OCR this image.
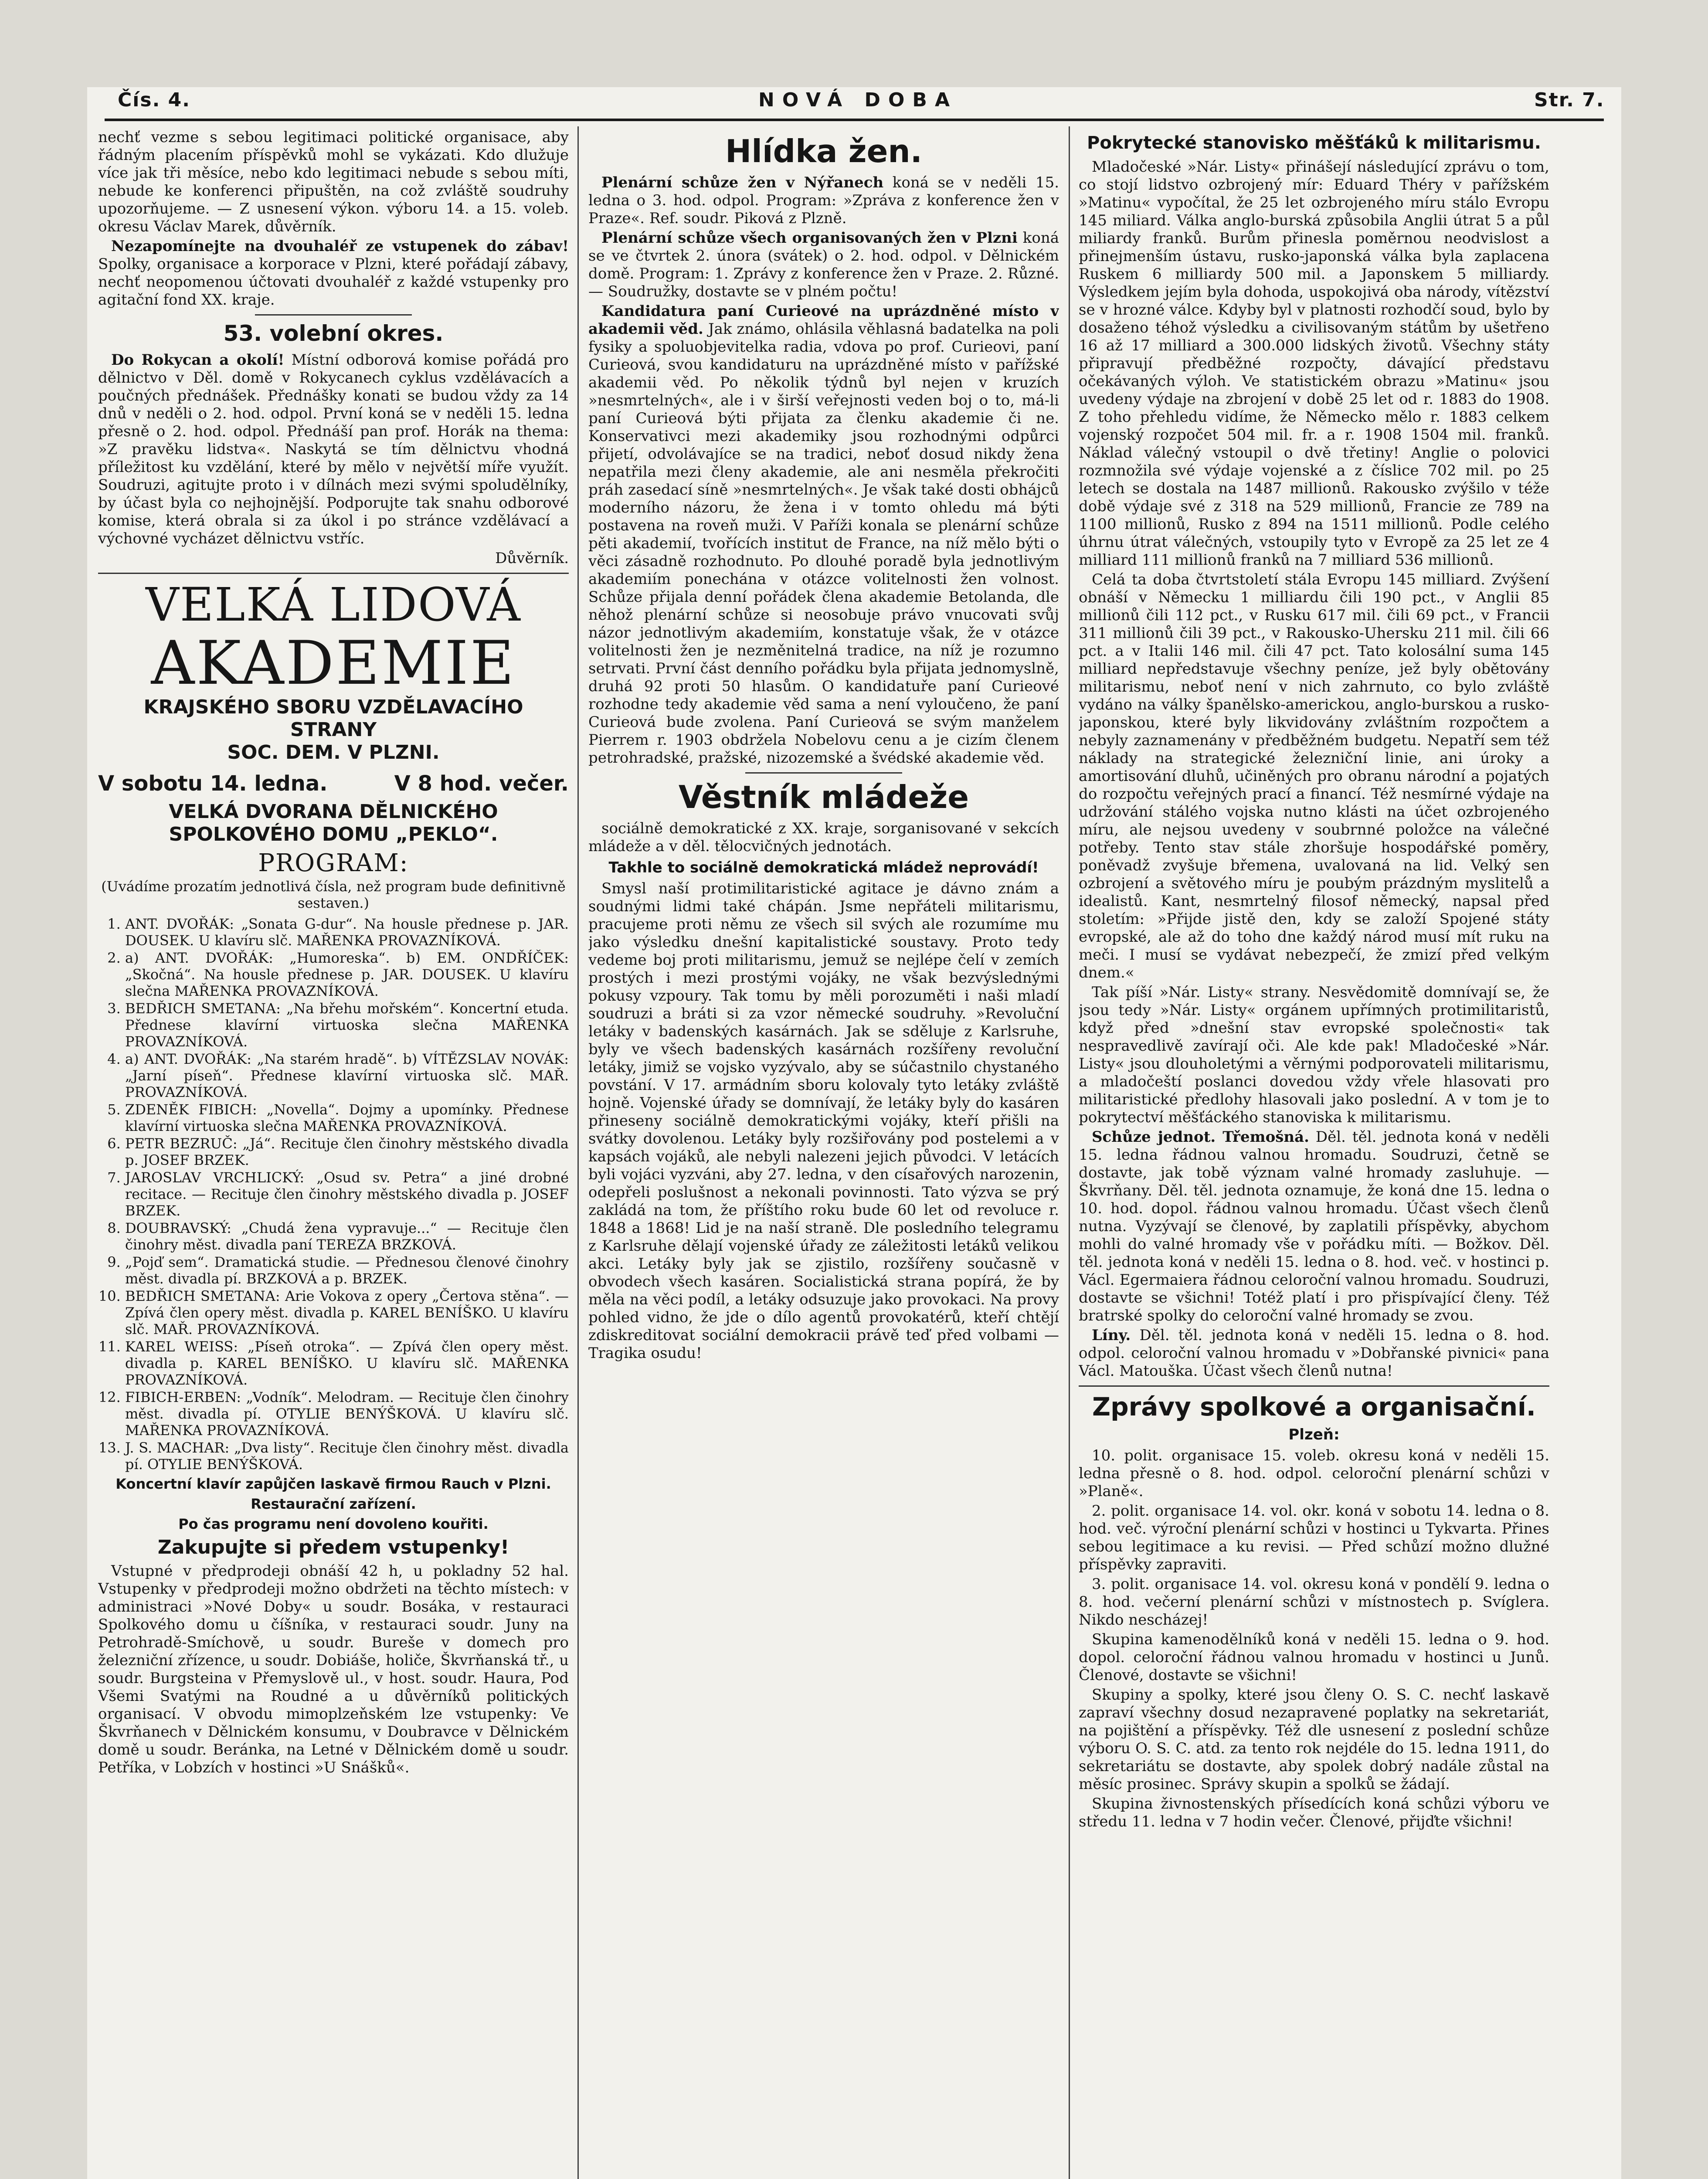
Čís. 4.	NOVÁ DOBA	Str. 7.

nechť vezme s sebou legitimaci politické organisace, aby řádným placením příspěvků mohl se vykázati. Kdo dlužuje více jak tři měsíce, nebo kdo legitimaci nebude s sebou míti, nebude ke konferenci připuštěn, na což zvláště soudruhy upozorňujeme. — Z usnesení výkon. výboru 14. a 15. voleb. okresu Václav Marek, důvěrník.

Nezapomínejte na dvouhaléř ze vstupenek do zábav! Spolky, organisace a korporace v Plzni, které pořádají zábavy, nechť neopomenou účtovati dvouhaléř z každé vstupenky pro agitační fond XX. kraje.

53. volební okres.

Do Rokycan a okolí! Místní odborová komise pořádá pro dělnictvo v Děl. domě v Rokycanech cyklus vzdělávacích a poučných přednášek. Přednášky konati se budou vždy za 14 dnů v neděli o 2. hod. odpol. První koná se v neděli 15. ledna přesně o 2. hod. odpol. Přednáší pan prof. Horák na thema: »Z pravěku lidstva«. Naskytá se tím dělnictvu vhodná příležitost ku vzdělání, které by mělo v největší míře využít. Soudruzi, agitujte proto i v dílnách mezi svými spoludělníky, by účast byla co nejhojnější. Podporujte tak snahu odborové komise, která obrala si za úkol i po stránce vzdělávací a výchovné vycházet dělnictvu vstříc.

Důvěrník.

VELKÁ LIDOVÁ
AKADEMIE
KRAJSKÉHO SBORU VZDĚLAVACÍHO STRANY
SOC. DEM. V PLZNI.
V sobotu 14. ledna.	V 8 hod. večer.
VELKÁ DVORANA DĚLNICKÉHO
SPOLKOVÉHO DOMU „PEKLO“.
PROGRAM:
(Uvádíme prozatím jednotlivá čísla, než program bude definitivně sestaven.)
1. ANT. DVOŘÁK: „Sonata G-dur“. Na housle přednese p. JAR. DOUSEK. U klavíru slč. MAŘENKA PROVAZNÍKOVÁ.
2. a) ANT. DVOŘÁK: „Humoreska“. b) EM. ONDŘÍČEK: „Skočná“. Na housle přednese p. JAR. DOUSEK. U klavíru slečna MAŘENKA PROVAZNÍKOVÁ.
3. BEDŘICH SMETANA: „Na břehu mořském“. Koncertní etuda. Přednese klavírní virtuoska slečna MAŘENKA PROVAZNÍKOVÁ.
4. a) ANT. DVOŘÁK: „Na starém hradě“. b) VÍTĚZSLAV NOVÁK: „Jarní píseň“. Přednese klavírní virtuoska slč. MAŘ. PROVAZNÍKOVÁ.
5. ZDENĚK FIBICH: „Novella“. Dojmy a upomínky. Přednese klavírní virtuoska slečna MAŘENKA PROVAZNÍKOVÁ.
6. PETR BEZRUČ: „Já“. Recituje člen činohry městského divadla p. JOSEF BRZEK.
7. JAROSLAV VRCHLICKÝ: „Osud sv. Petra“ a jiné drobné recitace. — Recituje člen činohry městského divadla p. JOSEF BRZEK.
8. DOUBRAVSKÝ: „Chudá žena vypravuje...“ — Recituje člen činohry měst. divadla paní TEREZA BRZKOVÁ.
9. „Pojď sem“. Dramatická studie. — Přednesou členové činohry měst. divadla pí. BRZKOVÁ a p. BRZEK.
10. BEDŘICH SMETANA: Arie Vokova z opery „Čertova stěna“. — Zpívá člen opery měst. divadla p. KAREL BENÍŠKO. U klavíru slč. MAŘ. PROVAZNÍKOVÁ.
11. KAREL WEISS: „Píseň otroka“. — Zpívá člen opery měst. divadla p. KAREL BENÍŠKO. U klavíru slč. MAŘENKA PROVAZNÍKOVÁ.
12. FIBICH-ERBEN: „Vodník“. Melodram. — Recituje člen činohry měst. divadla pí. OTYLIE BENÝŠKOVÁ. U klavíru slč. MAŘENKA PROVAZNÍKOVÁ.
13. J. S. MACHAR: „Dva listy“. Recituje člen činohry měst. divadla pí. OTYLIE BENÝŠKOVÁ.
Koncertní klavír zapůjčen laskavě firmou Rauch v Plzni.
Restaurační zařízení.
Po čas programu není dovoleno kouřiti.
Zakupujte si předem vstupenky!

Vstupné v předprodeji obnáší 42 h, u pokladny 52 hal. Vstupenky v předprodeji možno obdržeti na těchto místech: v administraci »Nové Doby« u soudr. Bosáka, v restauraci Spolkového domu u číšníka, v restauraci soudr. Juny na Petrohradě-Smíchově, u soudr. Bureše v domech pro železniční zřízence, u soudr. Dobiáše, holiče, Škvrňanská tř., u soudr. Burgsteina v Přemyslově ul., v host. soudr. Haura, Pod Všemi Svatými na Roudné a u důvěrníků politických organisací. V obvodu mimoplzeňském lze vstupenky: Ve Škvrňanech v Dělnickém konsumu, v Doubravce v Dělnickém domě u soudr. Beránka, na Letné v Dělnickém domě u soudr. Petříka, v Lobzích v hostinci »U Snášků«.

Hlídka žen.

Plenární schůze žen v Nýřanech koná se v neděli 15. ledna o 3. hod. odpol. Program: »Zpráva z konference žen v Praze«. Ref. soudr. Piková z Plzně.

Plenární schůze všech organisovaných žen v Plzni koná se ve čtvrtek 2. února (svátek) o 2. hod. odpol. v Dělnickém domě. Program: 1. Zprávy z konference žen v Praze. 2. Různé. — Soudružky, dostavte se v plném počtu!

Kandidatura paní Curieové na uprázdněné místo v akademii věd. Jak známo, ohlásila věhlasná badatelka na poli fysiky a spoluobjevitelka radia, vdova po prof. Curieovi, paní Curieová, svou kandidaturu na uprázdněné místo v pařížské akademii věd. Po několik týdnů byl nejen v kruzích »nesmrtelných«, ale i v širší veřejnosti veden boj o to, má-li paní Curieová býti přijata za členku akademie či ne. Konservativci mezi akademiky jsou rozhodnými odpůrci přijetí, odvolávajíce se na tradici, neboť dosud nikdy žena nepatřila mezi členy akademie, ale ani nesměla překročiti práh zasedací síně »nesmrtelných«. Je však také dosti obhájců moderního názoru, že žena i v tomto ohledu má býti postavena na roveň muži. V Paříži konala se plenární schůze pěti akademií, tvořících institut de France, na níž mělo býti o věci zásadně rozhodnuto. Po dlouhé poradě byla jednotlivým akademiím ponechána v otázce volitelnosti žen volnost. Schůze přijala denní pořádek člena akademie Betolanda, dle něhož plenární schůze si neosobuje právo vnucovati svůj názor jednotlivým akademiím, konstatuje však, že v otázce volitelnosti žen je nezměnitelná tradice, na níž je rozumno setrvati. První část denního pořádku byla přijata jednomyslně, druhá 92 proti 50 hlasům. O kandidatuře paní Curieové rozhodne tedy akademie věd sama a není vyloučeno, že paní Curieová bude zvolena. Paní Curieová se svým manželem Pierrem r. 1903 obdržela Nobelovu cenu a je cizím členem petrohradské, pražské, nizozemské a švédské akademie věd.

Věstník mládeže

sociálně demokratické z XX. kraje, sorganisované v sekcích mládeže a v děl. tělocvičných jednotách.

Takhle to sociálně demokratická mládež neprovádí!

Smysl naší protimilitaristické agitace je dávno znám a soudnými lidmi také chápán. Jsme nepřáteli militarismu, pracujeme proti němu ze všech sil svých ale rozumíme mu jako výsledku dnešní kapitalistické soustavy. Proto tedy vedeme boj proti militarismu, jemuž se nejlépe čelí v zemích prostých i mezi prostými vojáky, ne však bezvýslednými pokusy vzpoury. Tak tomu by měli porozuměti i naši mladí soudruzi a bráti si za vzor německé soudruhy. »Revoluční letáky v badenských kasárnách. Jak se sděluje z Karlsruhe, byly ve všech badenských kasárnách rozšířeny revoluční letáky, jimiž se vojsko vyzývalo, aby se súčastnilo chystaného povstání. V 17. armádním sboru kolovaly tyto letáky zvláště hojně. Vojenské úřady se domnívají, že letáky byly do kasáren přineseny sociálně demokratickými vojáky, kteří přišli na svátky dovolenou. Letáky byly rozšiřovány pod postelemi a v kapsách vojáků, ale nebyli nalezeni jejich původci. V letácích byli vojáci vyzváni, aby 27. ledna, v den císařových narozenin, odepřeli poslušnost a nekonali povinnosti. Tato výzva se prý zakládá na tom, že příštího roku bude 60 let od revoluce r. 1848 a 1868! Lid je na naší straně. Dle posledního telegramu z Karlsruhe dělají vojenské úřady ze záležitosti letáků velikou akci. Letáky byly jak se zjistilo, rozšířeny současně v obvodech všech kasáren. Socialistická strana popírá, že by měla na věci podíl, a letáky odsuzuje jako provokaci. Na provy pohled vidno, že jde o dílo agentů provokatérů, kteří chtějí zdiskreditovat sociální demokracii právě teď před volbami — Tragika osudu!

Pokrytecké stanovisko měšťáků k militarismu.

Mladočeské »Nár. Listy« přinášejí následující zprávu o tom, co stojí lidstvo ozbrojený mír: Eduard Théry v pařížském »Matinu« vypočítal, že 25 let ozbrojeného míru stálo Evropu 145 miliard. Válka anglo-burská způsobila Anglii útrat 5 a půl miliardy franků. Burům přinesla poměrnou neodvislost a přinejmenším ústavu, rusko-japonská válka byla zaplacena Ruskem 6 milliardy 500 mil. a Japonskem 5 milliardy. Výsledkem jejím byla dohoda, uspokojivá oba národy, vítězství se v hrozné válce. Kdyby byl v platnosti rozhodčí soud, bylo by dosaženo téhož výsledku a civilisovaným státům by ušetřeno 16 až 17 milliard a 300.000 lidských životů. Všechny státy připravují předběžné rozpočty, dávající představu očekávaných výloh. Ve statistickém obrazu »Matinu« jsou uvedeny výdaje na zbrojení v době 25 let od r. 1883 do 1908. Z toho přehledu vidíme, že Německo mělo r. 1883 celkem vojenský rozpočet 504 mil. fr. a r. 1908 1504 mil. franků. Náklad válečný vstoupil o dvě třetiny! Anglie o polovici rozmnožila své výdaje vojenské a z číslice 702 mil. po 25 letech se dostala na 1487 millionů. Rakousko zvýšilo v téže době výdaje své z 318 na 529 millionů, Francie ze 789 na 1100 millionů, Rusko z 894 na 1511 millionů. Podle celého úhrnu útrat válečných, vstoupily tyto v Evropě za 25 let ze 4 milliard 111 millionů franků na 7 milliard 536 millionů.

Celá ta doba čtvrtstoletí stála Evropu 145 milliard. Zvýšení obnáší v Německu 1 milliardu čili 190 pct., v Anglii 85 millionů čili 112 pct., v Rusku 617 mil. čili 69 pct., v Francii 311 millionů čili 39 pct., v Rakousko-Uhersku 211 mil. čili 66 pct. a v Italii 146 mil. čili 47 pct. Tato kolosální suma 145 milliard nepředstavuje všechny peníze, jež byly obětovány militarismu, neboť není v nich zahrnuto, co bylo zvláště vydáno na války španělsko-americkou, anglo-burskou a rusko-japonskou, které byly likvidovány zvláštním rozpočtem a nebyly zaznamenány v předběžném budgetu. Nepatří sem též náklady na strategické železniční linie, ani úroky a amortisování dluhů, učiněných pro obranu národní a pojatých do rozpočtu veřejných prací a financí. Též nesmírné výdaje na udržování stálého vojska nutno klásti na účet ozbrojeného míru, ale nejsou uvedeny v soubrnné položce na válečné potřeby. Tento stav stále zhoršuje hospodářské poměry, poněvadž zvyšuje břemena, uvalovaná na lid. Velký sen ozbrojení a světového míru je poubým prázdným myslitelů a idealistů. Kant, nesmrtelný filosof německý, napsal před stoletím: »Přijde jistě den, kdy se založí Spojené státy evropské, ale až do toho dne každý národ musí mít ruku na meči. I musí se vydávat nebezpečí, že zmizí před velkým dnem.«

Tak píší »Nár. Listy« strany. Nesvědomitě domnívají se, že jsou tedy »Nár. Listy« orgánem upřímných protimilitaristů, když před »dnešní stav evropské společnosti« tak nespravedlivě zavírají oči. Ale kde pak! Mladočeské »Nár. Listy« jsou dlouholetými a věrnými podporovateli militarismu, a mladočeští poslanci dovedou vždy vřele hlasovati pro militaristické předlohy hlasovali jako poslední. A v tom je to pokrytectví měšťáckého stanoviska k militarismu.

Schůze jednot. Třemošná. Děl. těl. jednota koná v neděli 15. ledna řádnou valnou hromadu. Soudruzi, četně se dostavte, jak tobě význam valné hromady zasluhuje. — Škvrňany. Děl. těl. jednota oznamuje, že koná dne 15. ledna o 10. hod. dopol. řádnou valnou hromadu. Účast všech členů nutna. Vyzývají se členové, by zaplatili příspěvky, abychom mohli do valné hromady vše v pořádku míti. — Božkov. Děl. těl. jednota koná v neděli 15. ledna o 8. hod. več. v hostinci p. Václ. Egermaiera řádnou celoroční valnou hromadu. Soudruzi, dostavte se všichni! Totéž platí i pro přispívající členy. Též bratrské spolky do celoroční valné hromady se zvou.

Líny. Děl. těl. jednota koná v neděli 15. ledna o 8. hod. odpol. celoroční valnou hromadu v »Dobřanské pivnici« pana Václ. Matouška. Účast všech členů nutna!

Zprávy spolkové a organisační.
Plzeň:

10. polit. organisace 15. voleb. okresu koná v neděli 15. ledna přesně o 8. hod. odpol. celoroční plenární schůzi v »Planě«.

2. polit. organisace 14. vol. okr. koná v sobotu 14. ledna o 8. hod. več. výroční plenární schůzi v hostinci u Tykvarta. Přines sebou legitimace a ku revisi. — Před schůzí možno dlužné příspěvky zapraviti.

3. polit. organisace 14. vol. okresu koná v pondělí 9. ledna o 8. hod. večerní plenární schůzi v místnostech p. Svíglera. Nikdo nescházej!

Skupina kamenodělníků koná v neděli 15. ledna o 9. hod. dopol. celoroční řádnou valnou hromadu v hostinci u Junů. Členové, dostavte se všichni!

Skupiny a spolky, které jsou členy O. S. C. nechť laskavě zapraví všechny dosud nezapravené poplatky na sekretariát, na pojištění a příspěvky. Též dle usnesení z poslední schůze výboru O. S. C. atd. za tento rok nejdéle do 15. ledna 1911, do sekretariátu se dostavte, aby spolek dobrý nadále zůstal na měsíc prosinec. Správy skupin a spolků se žádají.

Skupina živnostenských přísedících koná schůzi výboru ve středu 11. ledna v 7 hodin večer. Členové, přijďte všichni!
